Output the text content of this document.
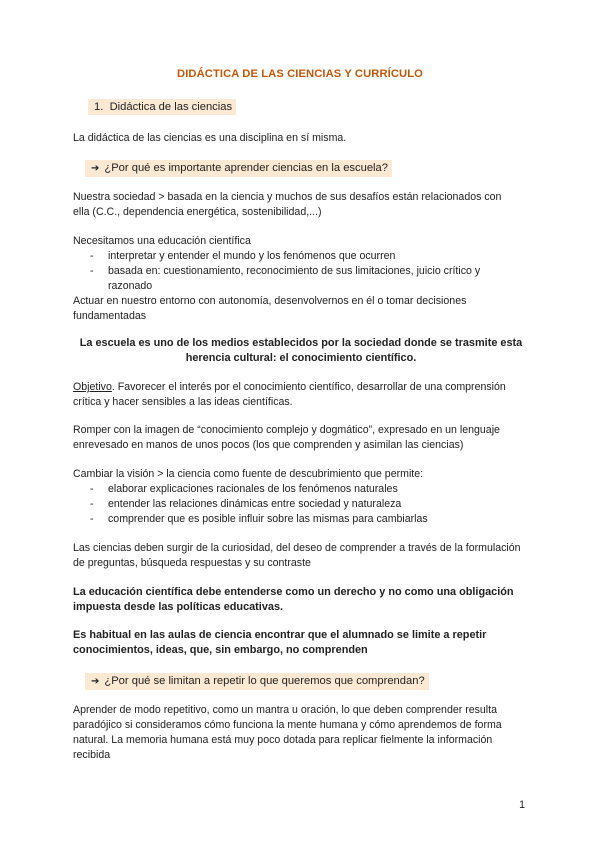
DIDÁCTICA DE LAS CIENCIAS Y CURRÍCULO
1. Didáctica de las ciencias
La didáctica de las ciencias es una disciplina en sí misma.
➔ ¿Por qué es importante aprender ciencias en la escuela?
Nuestra sociedad > basada en la ciencia y muchos de sus desafíos están relacionados con
ella (C.C., dependencia energética, sostenibilidad,...)
Necesitamos una educación científica
- interpretar y entender el mundo y los fenómenos que ocurren
- basada en: cuestionamiento, reconocimiento de sus limitaciones, juicio crítico y razonado
Actuar en nuestro entorno con autonomía, desenvolvernos en él o tomar decisiones fundamentadas
La escuela es uno de los medios establecidos por la sociedad donde se trasmite esta herencia cultural: el conocimiento científico.
Objetivo. Favorecer el interés por el conocimiento científico, desarrollar de una comprensión crítica y hacer sensibles a las ideas científicas.
Romper con la imagen de “conocimiento complejo y dogmático”, expresado en un lenguaje enrevesado en manos de unos pocos (los que comprenden y asimilan las ciencias)
Cambiar la visión > la ciencia como fuente de descubrimiento que permite:
- elaborar explicaciones racionales de los fenómenos naturales
- entender las relaciones dinámicas entre sociedad y naturaleza
- comprender que es posible influir sobre las mismas para cambiarlas
Las ciencias deben surgir de la curiosidad, del deseo de comprender a través de la formulación de preguntas, búsqueda respuestas y su contraste
La educación científica debe entenderse como un derecho y no como una obligación impuesta desde las políticas educativas.
Es habitual en las aulas de ciencia encontrar que el alumnado se limite a repetir conocimientos, ideas, que, sin embargo, no comprenden
➔ ¿Por qué se limitan a repetir lo que queremos que comprendan?
Aprender de modo repetitivo, como un mantra u oración, lo que deben comprender resulta paradójico si consideramos cómo funciona la mente humana y cómo aprendemos de forma natural. La memoria humana está muy poco dotada para replicar fielmente la información recibida
1
